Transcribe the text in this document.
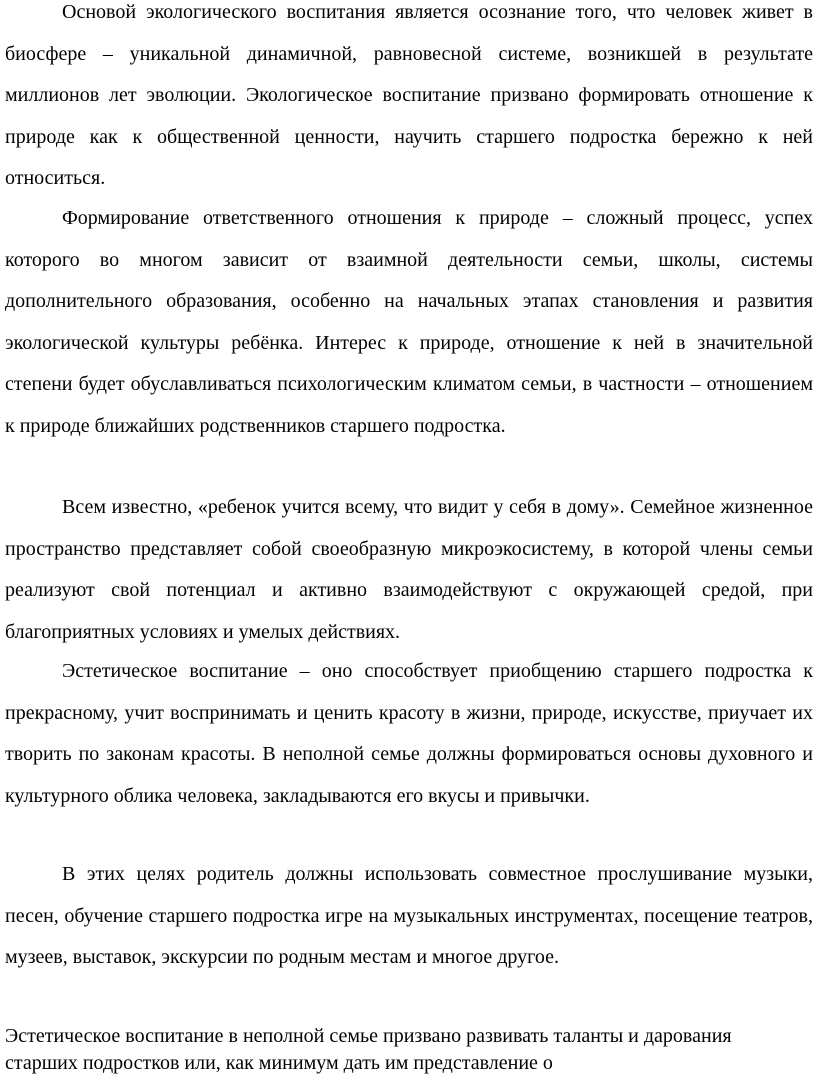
Основой экологического воспитания является осознание того, что человек живет в биосфере – уникальной динамичной, равновесной системе, возникшей в результате миллионов лет эволюции. Экологическое воспитание призвано формировать отношение к природе как к общественной ценности, научить старшего подростка бережно к ней относиться.

Формирование ответственного отношения к природе – сложный процесс, успех которого во многом зависит от взаимной деятельности семьи, школы, системы дополнительного образования, особенно на начальных этапах становления и развития экологической культуры ребёнка. Интерес к природе, отношение к ней в значительной степени будет обуславливаться психологическим климатом семьи, в частности – отношением к природе ближайших родственников старшего подростка.

Всем известно, «ребенок учится всему, что видит у себя в дому». Семейное жизненное пространство представляет собой своеобразную микроэкосистему, в которой члены семьи реализуют свой потенциал и активно взаимодействуют с окружающей средой, при благоприятных условиях и умелых действиях.

Эстетическое воспитание – оно способствует приобщению старшего подростка к прекрасному, учит воспринимать и ценить красоту в жизни, природе, искусстве, приучает их творить по законам красоты. В неполной семье должны формироваться основы духовного и культурного облика человека, закладываются его вкусы и привычки.

В этих целях родитель должны использовать совместное прослушивание музыки, песен, обучение старшего подростка игре на музыкальных инструментах, посещение театров, музеев, выставок, экскурсии по родным местам и многое другое.

Эстетическое воспитание в неполной семье призвано развивать таланты и дарования старших подростков или, как минимум дать им представление о
